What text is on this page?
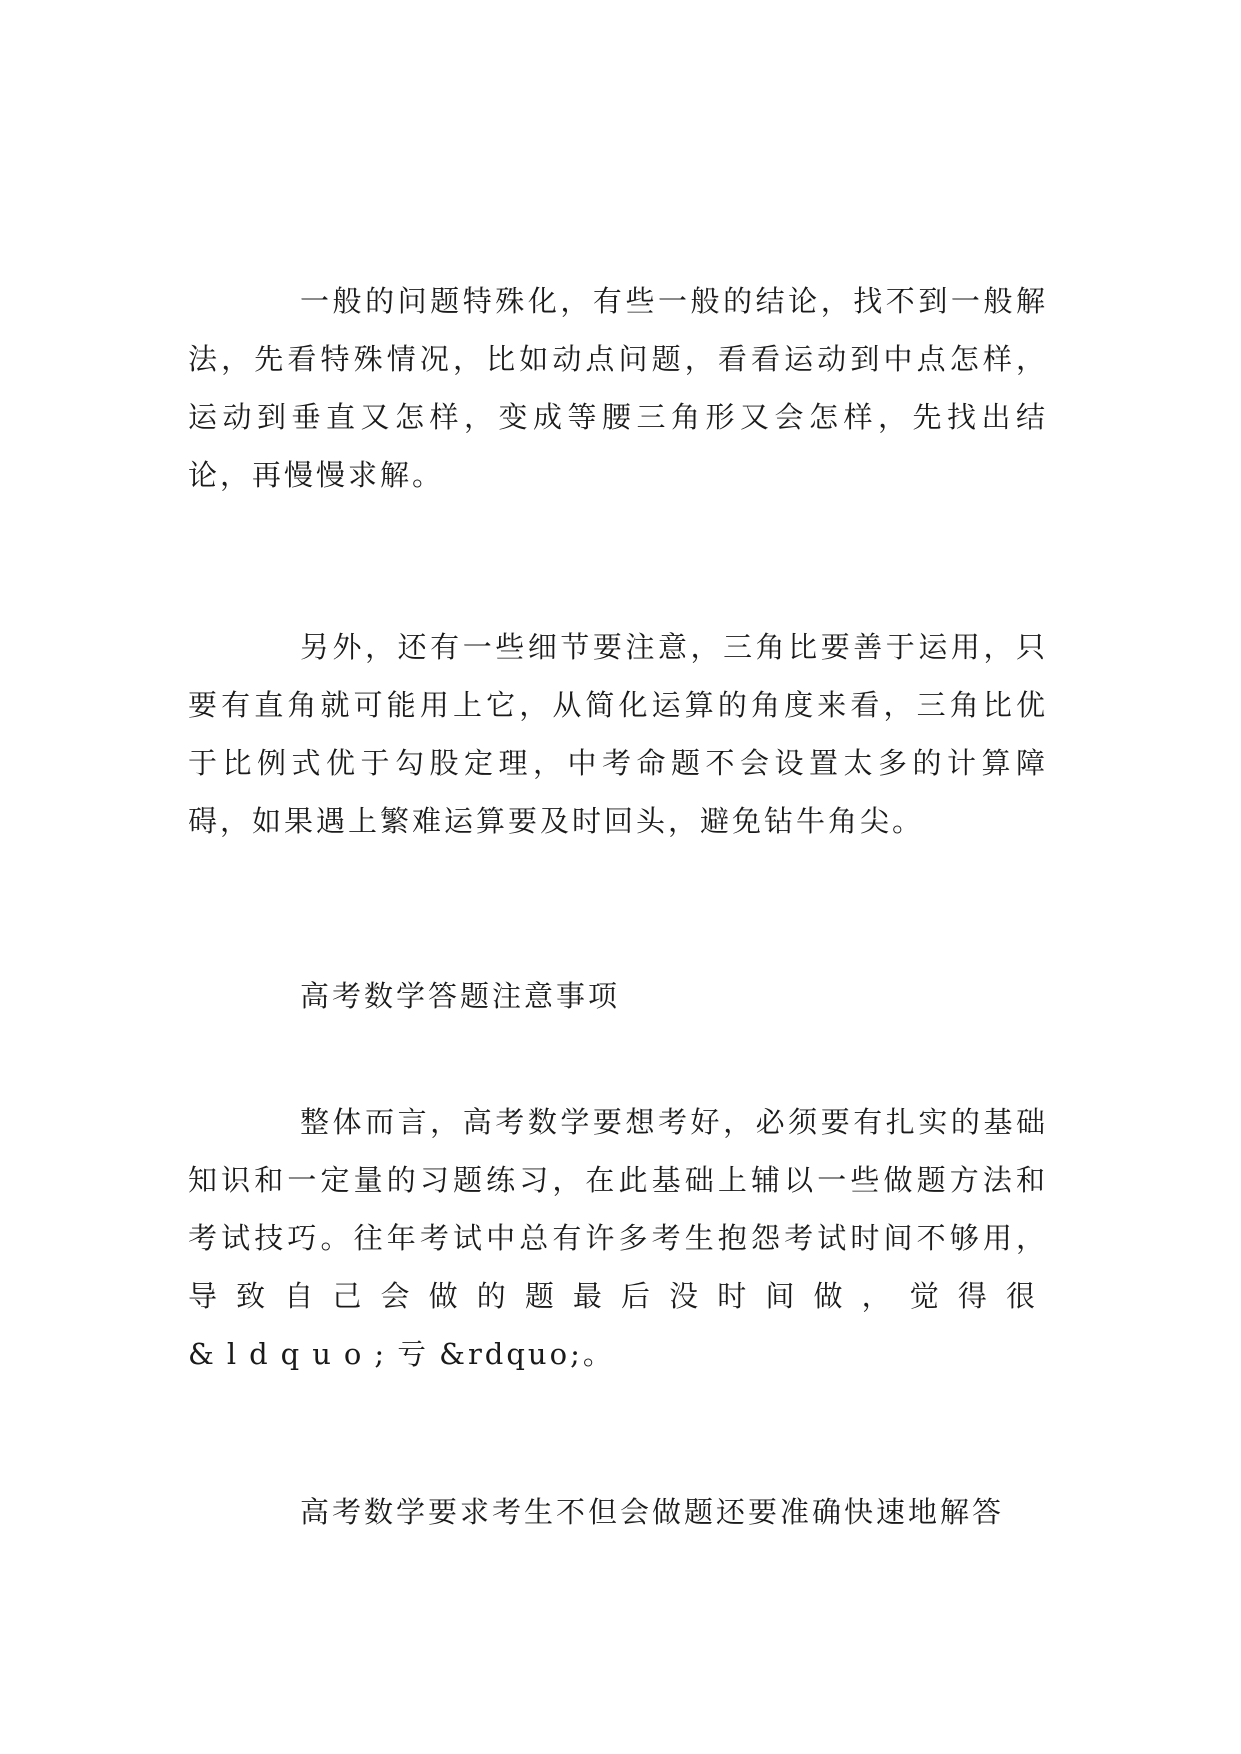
一般的问题特殊化，有些一般的结论，找不到一般解法，先看特殊情况，比如动点问题，看看运动到中点怎样，运动到垂直又怎样，变成等腰三角形又会怎样，先找出结论，再慢慢求解。

另外，还有一些细节要注意，三角比要善于运用，只要有直角就可能用上它，从简化运算的角度来看，三角比优于比例式优于勾股定理，中考命题不会设置太多的计算障碍，如果遇上繁难运算要及时回头，避免钻牛角尖。

高考数学答题注意事项

整体而言，高考数学要想考好，必须要有扎实的基础知识和一定量的习题练习，在此基础上辅以一些做题方法和考试技巧。往年考试中总有许多考生抱怨考试时间不够用，导致自己会做的题最后没时间做，觉得很&ldquo;亏&rdquo;。

高考数学要求考生不但会做题还要准确快速地解答
